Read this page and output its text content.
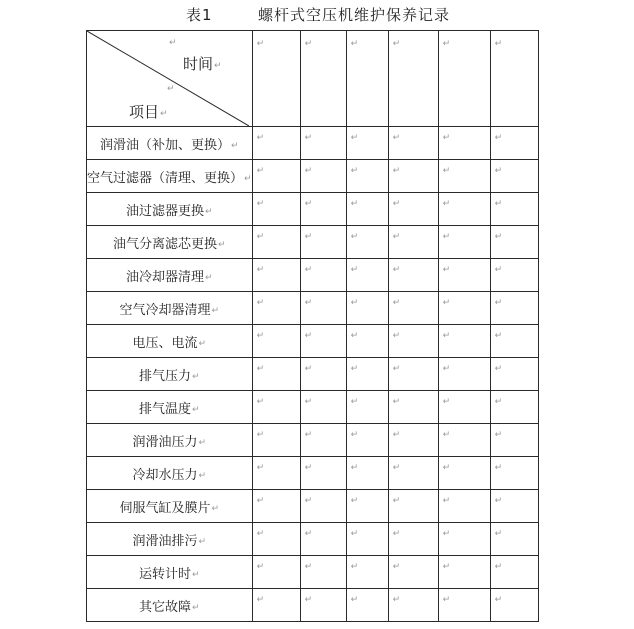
表1	螺杆式空压机维护保养记录
↵
时间↵
↵
项目↵	↵	↵	↵	↵	↵	↵

润滑油（补加、更换）↵	↵	↵	↵	↵	↵	↵

空气过滤器（清理、更换）↵	↵	↵	↵	↵	↵	↵

油过滤器更换↵	↵	↵	↵	↵	↵	↵

油气分离滤芯更换↵	↵	↵	↵	↵	↵	↵

油冷却器清理↵	↵	↵	↵	↵	↵	↵

空气冷却器清理↵	↵	↵	↵	↵	↵	↵

电压、电流↵	↵	↵	↵	↵	↵	↵

排气压力↵	↵	↵	↵	↵	↵	↵

排气温度↵	↵	↵	↵	↵	↵	↵

润滑油压力↵	↵	↵	↵	↵	↵	↵

冷却水压力↵	↵	↵	↵	↵	↵	↵

伺服气缸及膜片↵	↵	↵	↵	↵	↵	↵

润滑油排污↵	↵	↵	↵	↵	↵	↵

运转计时↵	↵	↵	↵	↵	↵	↵

其它故障↵	↵	↵	↵	↵	↵	↵
